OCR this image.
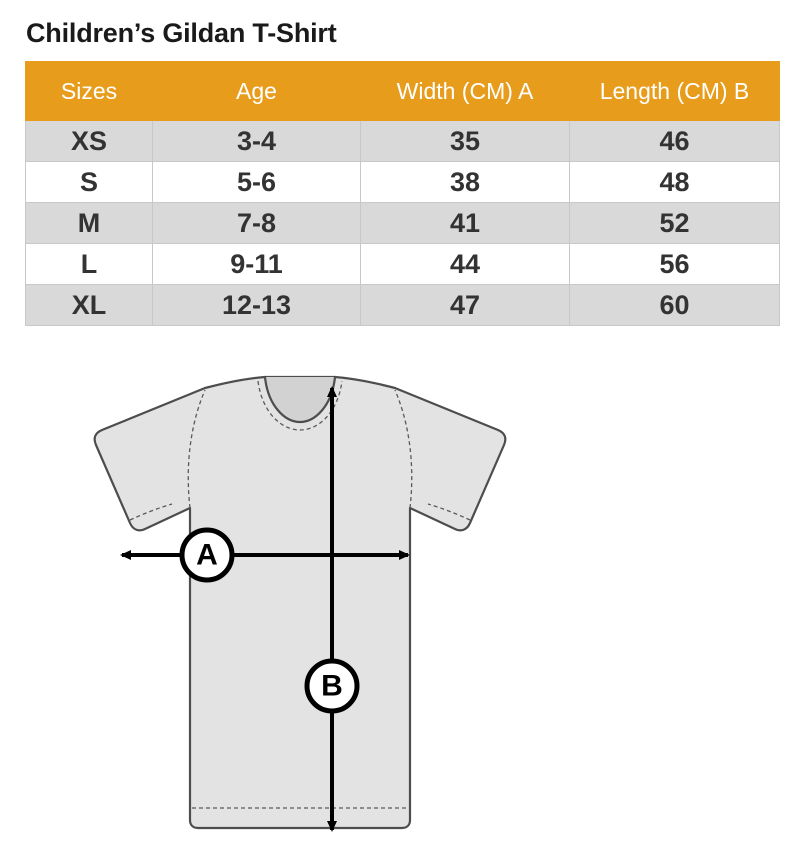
Children’s Gildan T-Shirt
Sizes	Age	Width (CM) A	Length (CM) B
XS	3-4	35	46
S	5-6	38	48
M	7-8	41	52
L	9-11	44	56
XL	12-13	47	60
A
B
